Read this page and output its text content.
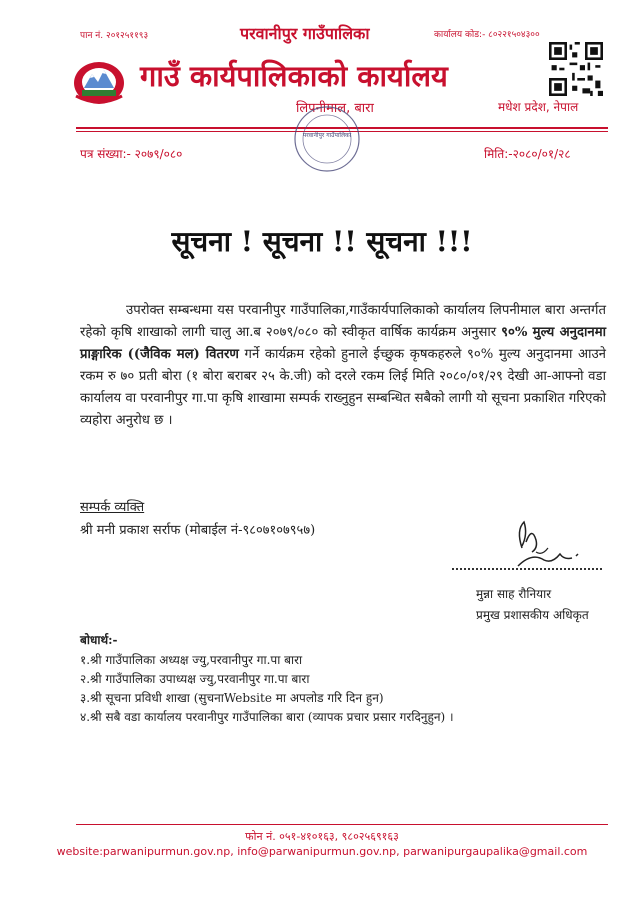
पान नं. २०१२५११९३	परवानीपुर गाउँपालिका	कार्यालय कोड:- ८०२२१५०४३००
गाउँ कार्यपालिकाको कार्यालय
लिपनीमाल, बारा	मधेश प्रदेश, नेपाल
परवानीपुर गाउँपालिका
पत्र संख्या:- २०७९/०८०	मिति:-२०८०/०१/२८
सूचना ! सूचना !! सूचना !!!
उपरोक्त सम्बन्धमा यस परवानीपुर गाउँपालिका,गाउँकार्यपालिकाको कार्यालय लिपनीमाल बारा अन्तर्गत रहेको कृषि शाखाको लागी चालु आ.ब २०७९/०८० को स्वीकृत वार्षिक कार्यक्रम अनुसार ९०% मुल्य अनुदानमा प्राङ्गारिक ((जैविक मल) वितरण गर्ने कार्यक्रम रहेको हुनाले ईच्छुक कृषकहरुले ९०% मुल्य अनुदानमा आउने रकम रु ७० प्रती बोरा (१ बोरा बराबर २५ के.जी) को दरले रकम लिई मिति २०८०/०१/२९ देखी आ-आफ्नो वडा कार्यालय वा परवानीपुर गा.पा कृषि शाखामा सम्पर्क राख्नुहुन सम्बन्धित सबैको लागी यो सूचना प्रकाशित गरिएको व्यहोरा अनुरोध छ ।
सम्पर्क व्यक्ति
श्री मनी प्रकाश सर्राफ (मोबाईल नं-९८०७१०७९५७)
मुन्ना साह रौनियार
प्रमुख प्रशासकीय अधिकृत
बोधार्थ:-
१.श्री गाउँपालिका अध्यक्ष ज्यु,परवानीपुर गा.पा बारा
२.श्री गाउँपालिका उपाध्यक्ष ज्यु,परवानीपुर गा.पा बारा
३.श्री सूचना प्रविधी शाखा (सुचनाWebsite मा अपलोड गरि दिन हुन)
४.श्री सबै वडा कार्यालय परवानीपुर गाउँपालिका बारा (व्यापक प्रचार प्रसार गरदिनुहुन) ।
फोन नं. ०५१-४१०१६३, ९८०२५६९१६३
website:parwanipurmun.gov.np, info@parwanipurmun.gov.np, parwanipurgaupalika@gmail.com
